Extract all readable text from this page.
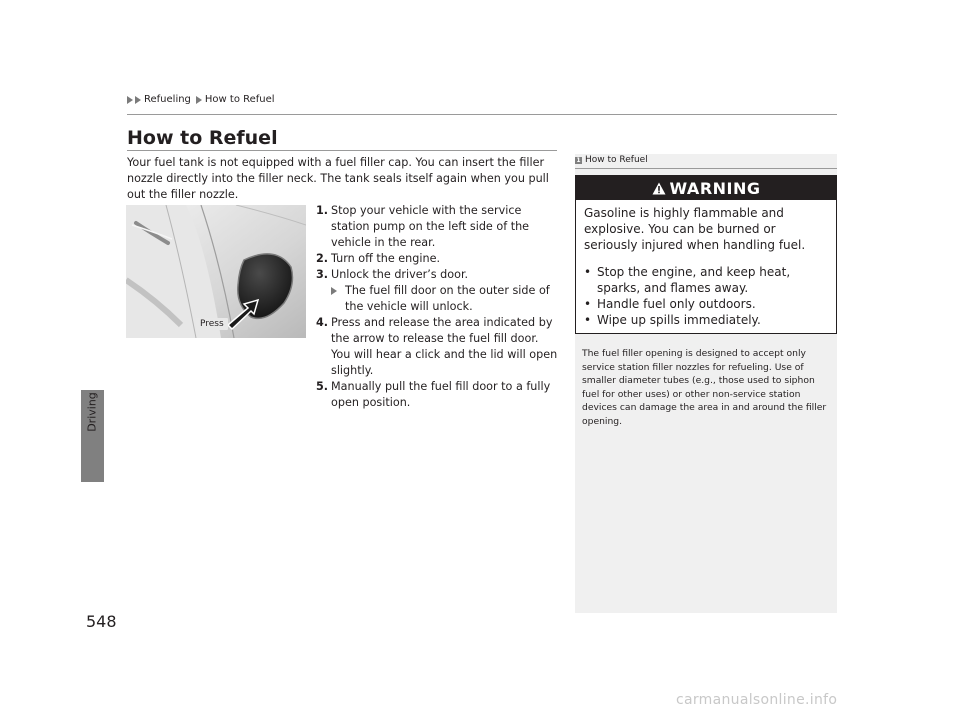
Refueling How to Refuel
Driving
548
How to Refuel
Your fuel tank is not equipped with a fuel filler cap. You can insert the filler nozzle directly into the filler neck. The tank seals itself again when you pull out the filler nozzle.
Press
1. Stop your vehicle with the service station pump on the left side of the vehicle in the rear.
2. Turn off the engine.
3. Unlock the driver’s door.
The fuel fill door on the outer side of the vehicle will unlock.
4. Press and release the area indicated by the arrow to release the fuel fill door. You will hear a click and the lid will open slightly.
5. Manually pull the fuel fill door to a fully open position.
1 How to Refuel
WARNING
Gasoline is highly flammable and explosive. You can be burned or seriously injured when handling fuel.
• Stop the engine, and keep heat, sparks, and flames away.
• Handle fuel only outdoors.
• Wipe up spills immediately.
The fuel filler opening is designed to accept only service station filler nozzles for refueling. Use of smaller diameter tubes (e.g., those used to siphon fuel for other uses) or other non-service station devices can damage the area in and around the filler opening.
carmanualsonline.info
